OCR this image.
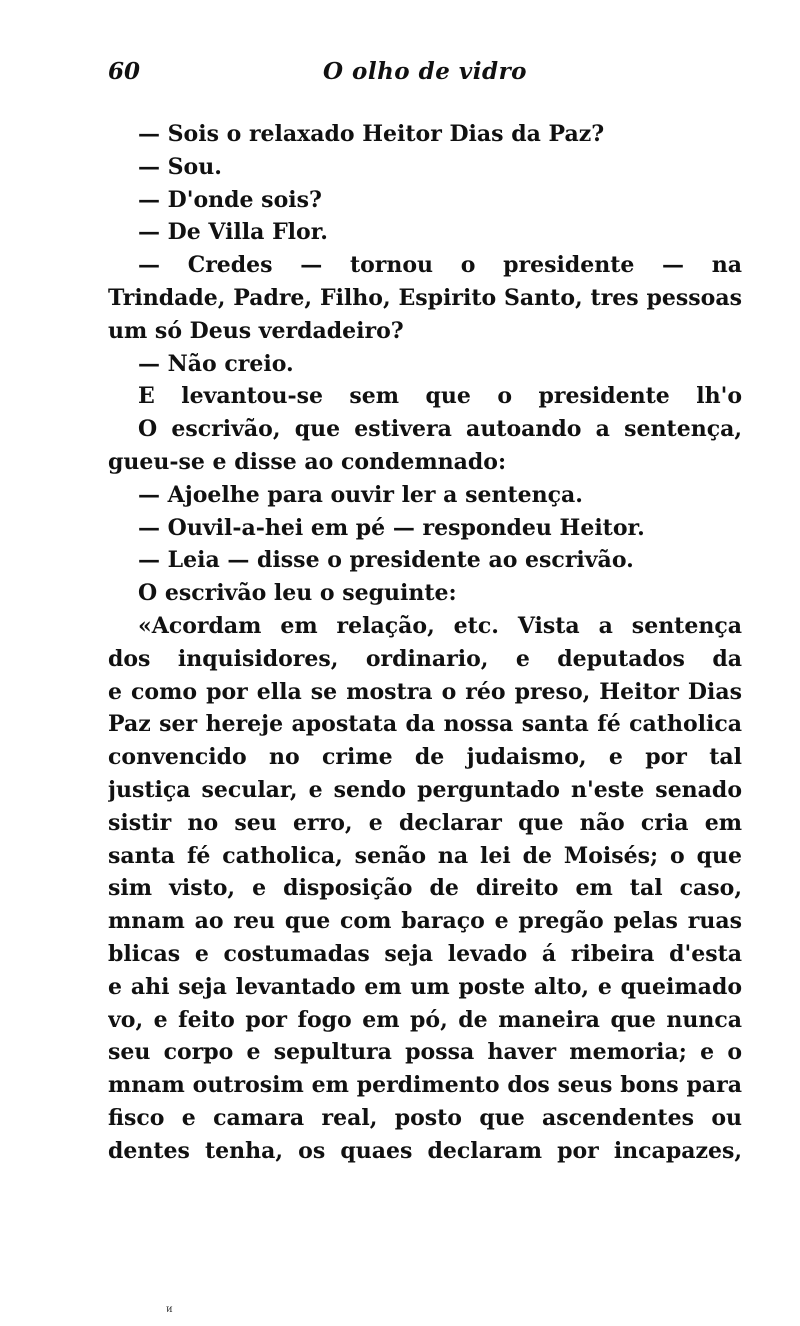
60	O olho de vidro
— Sois o relaxado Heitor Dias da Paz?
— Sou.
— D'onde sois?
— De Villa Flor.
— Credes — tornou o presidente — na
Trindade, Padre, Filho, Espirito Santo, tres pessoas
um só Deus verdadeiro?
— Não creio.
E levantou-se sem que o presidente lh'o
O escrivão, que estivera autoando a sentença,
gueu-se e disse ao condemnado:
— Ajoelhe para ouvir ler a sentença.
— Ouvil-a-hei em pé — respondeu Heitor.
— Leia — disse o presidente ao escrivão.
O escrivão leu o seguinte:
«Acordam em relação, etc. Vista a sentença
dos inquisidores, ordinario, e deputados da
e como por ella se mostra o réo preso, Heitor Dias
Paz ser hereje apostata da nossa santa fé catholica
convencido no crime de judaismo, e por tal
justiça secular, e sendo perguntado n'este senado
sistir no seu erro, e declarar que não cria em
santa fé catholica, senão na lei de Moisés; o que
sim visto, e disposição de direito em tal caso,
mnam ao reu que com baraço e pregão pelas ruas
blicas e costumadas seja levado á ribeira d'esta
e ahi seja levantado em um poste alto, e queimado
vo, e feito por fogo em pó, de maneira que nunca
seu corpo e sepultura possa haver memoria; e o
mnam outrosim em perdimento dos seus bons para
fisco e camara real, posto que ascendentes ou
dentes tenha, os quaes declaram por incapazes,
ᴎ
